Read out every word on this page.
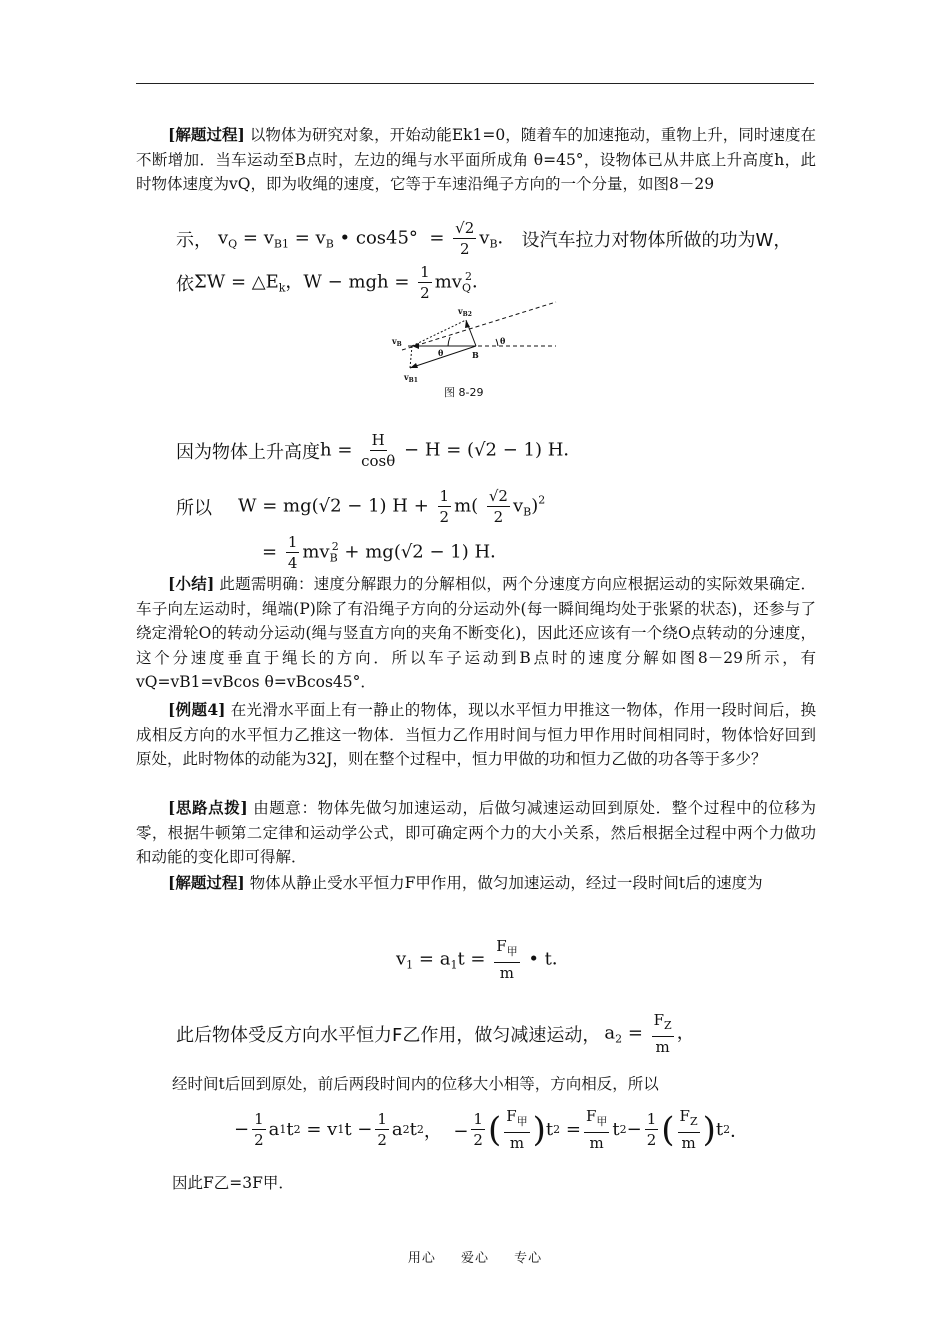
[解题过程] 以物体为研究对象，开始动能Ek1=0，随着车的加速拖动，重物上升，同时速度在不断增加．当车运动至B点时，左边的绳与水平面所成角 θ=45°，设物体已从井底上升高度h，此时物体速度为vQ，即为收绳的速度，它等于车速沿绳子方向的一个分量，如图8－29
示， $v_Q = v_{B1} = v_B$ • $\cos 45^\circ = \frac{√2}{2} v_B$． 设汽车拉力对物体所做的功为W，
依 $\Sigma W = \triangle E_k$，W − mgh = $\frac{1}{2} mv_Q^2$．
$v_{B2}$
$v_B$
θ	B
θ
$v_{B1}$
图 8-29
因为物体上升高度 $h = \frac{H}{\cos\theta} - H = (√2 - 1)$ H．
所以 W = mg(√2 − 1) $H + \frac{1}{2} m( \frac{√2}{2} v_B)^2$
= $\frac{1}{4} mv_B^2 + mg(√2 - 1)$ H．
[小结] 此题需明确：速度分解跟力的分解相似，两个分速度方向应根据运动的实际效果确定．车子向左运动时，绳端(P)除了有沿绳子方向的分运动外(每一瞬间绳均处于张紧的状态)，还参与了绕定滑轮O的转动分运动(绳与竖直方向的夹角不断变化)，因此还应该有一个绕O点转动的分速度，这个分速度垂直于绳长的方向．所以车子运动到B点时的速度分解如图8－29所示，有 vQ=vB1=vBcos θ=vBcos45°．
[例题4] 在光滑水平面上有一静止的物体，现以水平恒力甲推这一物体，作用一段时间后，换成相反方向的水平恒力乙推这一物体．当恒力乙作用时间与恒力甲作用时间相同时，物体恰好回到原处，此时物体的动能为32J，则在整个过程中，恒力甲做的功和恒力乙做的功各等于多少？
[思路点拨] 由题意：物体先做匀加速运动，后做匀减速运动回到原处．整个过程中的位移为零，根据牛顿第二定律和运动学公式，即可确定两个力的大小关系，然后根据全过程中两个力做功和动能的变化即可得解．
[解题过程] 物体从静止受水平恒力F甲作用，做匀加速运动，经过一段时间t后的速度为
$v_1 = a_1t = \frac{F_甲}{m}$ • t．
此后物体受反方向水平恒力F乙作用，做匀减速运动， $a_2 = \frac{F_Z}{m}$ ，
经时间t后回到原处，前后两段时间内的位移大小相等，方向相反，所以
− $\frac{1}{2}$ a 1 t 2 = v 1 $t - \frac{1}{2}$ a 2 t 2 ，  − $\frac{1}{2}$ ( $\frac{F_甲}{m}$ ) t $2 = \frac{F_甲}{m}$ t $2 - \frac{1}{2}$ ( $\frac{F_Z}{m}$ ) t 2 ．
因此F乙=3F甲．
用心 爱心 专心
